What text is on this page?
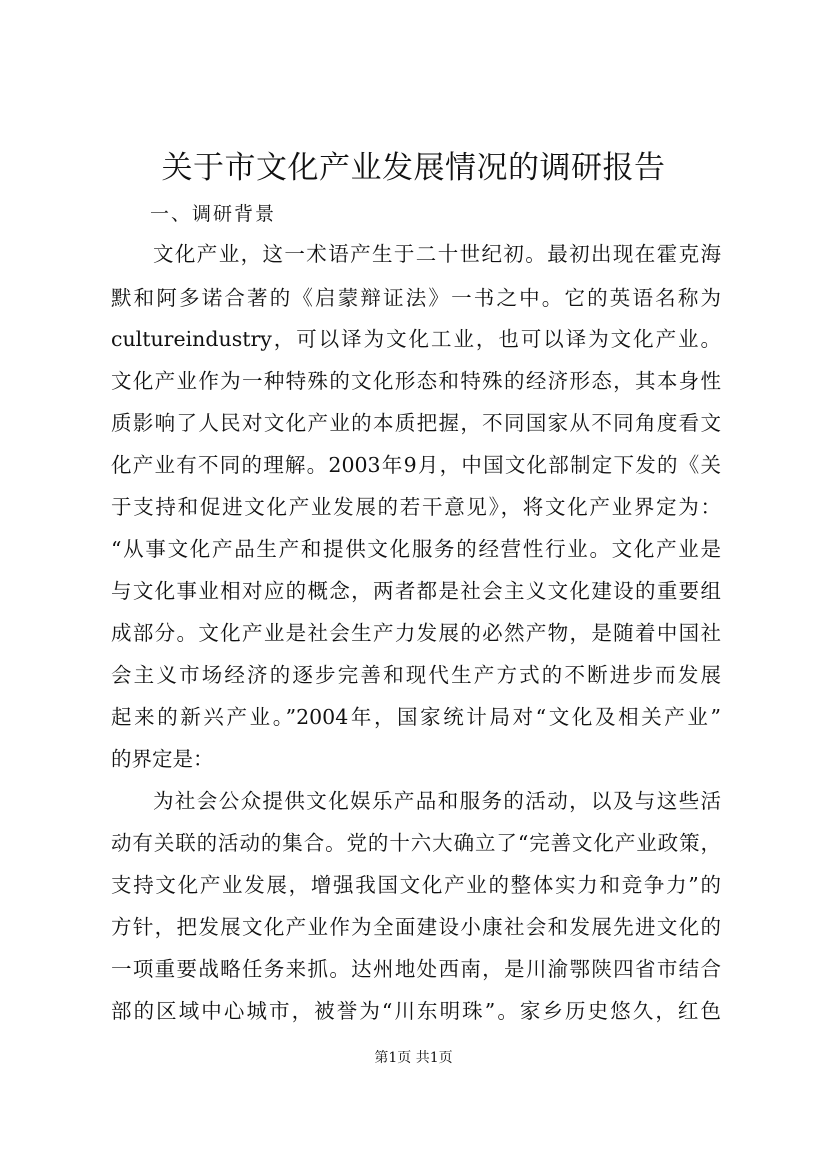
关于市文化产业发展情况的调研报告

一、调研背景

文化产业，这一术语产生于二十世纪初。最初出现在霍克海

默和阿多诺合著的《启蒙辩证法》一书之中。它的英语名称为

cultureindustry，可以译为文化工业，也可以译为文化产业。

文化产业作为一种特殊的文化形态和特殊的经济形态，其本身性

质影响了人民对文化产业的本质把握，不同国家从不同角度看文

化产业有不同的理解。2003年9月，中国文化部制定下发的《关

于支持和促进文化产业发展的若干意见》，将文化产业界定为：

“从事文化产品生产和提供文化服务的经营性行业。文化产业是

与文化事业相对应的概念，两者都是社会主义文化建设的重要组

成部分。文化产业是社会生产力发展的必然产物，是随着中国社

会主义市场经济的逐步完善和现代生产方式的不断进步而发展

起来的新兴产业。”2004年，国家统计局对“文化及相关产业”

的界定是：

为社会公众提供文化娱乐产品和服务的活动，以及与这些活

动有关联的活动的集合。党的十六大确立了“完善文化产业政策，

支持文化产业发展，增强我国文化产业的整体实力和竞争力”的

方针，把发展文化产业作为全面建设小康社会和发展先进文化的

一项重要战略任务来抓。达州地处西南，是川渝鄂陕四省市结合

部的区域中心城市，被誉为“川东明珠”。家乡历史悠久，红色

第1页 共1页
